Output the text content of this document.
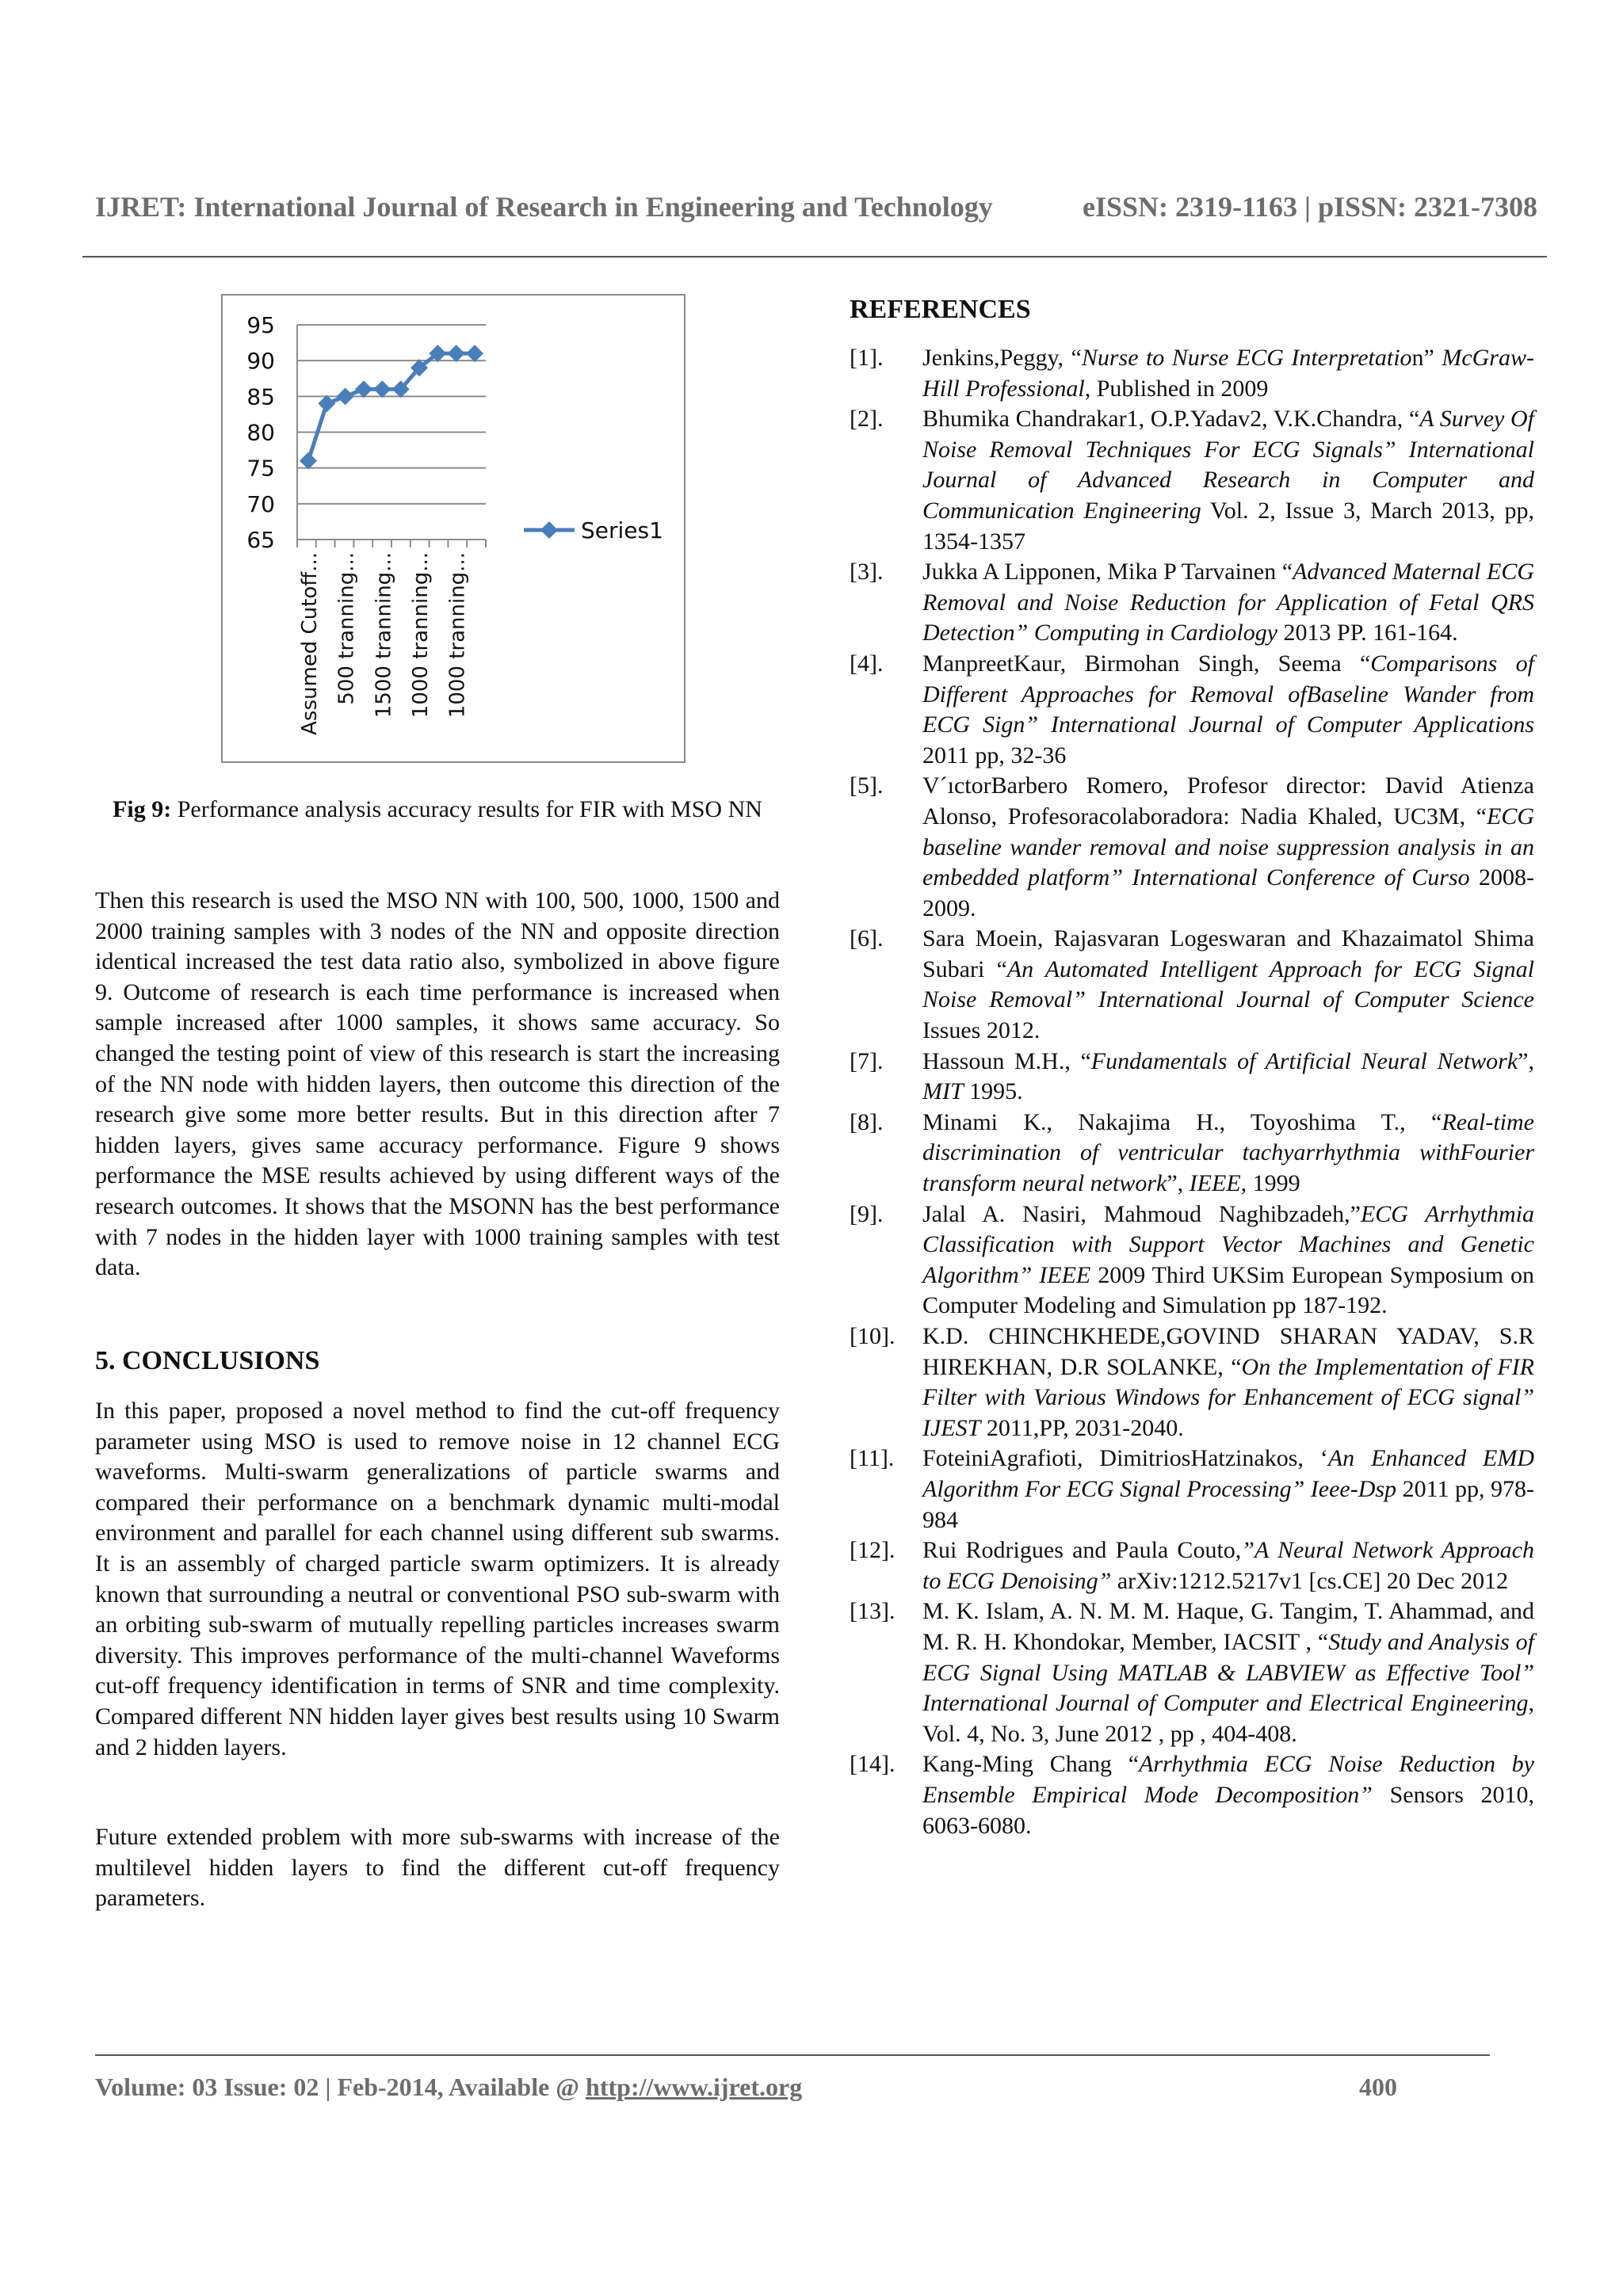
IJRET: International Journal of Research in Engineering and Technology	eISSN: 2319-1163 | pISSN: 2321-7308
65
70
75
80
85
90
95
Assumed Cutoff... 500 tranning... 1500 tranning... 1000 tranning... 1000 tranning...
Series1
Fig 9: Performance analysis accuracy results for FIR with MSO NN

Then this research is used the MSO NN with 100, 500, 1000, 1500 and 2000 training samples with 3 nodes of the NN and opposite direction identical increased the test data ratio also, symbolized in above figure 9. Outcome of research is each time performance is increased when sample increased after 1000 samples, it shows same accuracy. So changed the testing point of view of this research is start the increasing of the NN node with hidden layers, then outcome this direction of the research give some more better results. But in this direction after 7 hidden layers, gives same accuracy performance. Figure 9 shows performance the MSE results achieved by using different ways of the research outcomes. It shows that the MSONN has the best performance with 7 nodes in the hidden layer with 1000 training samples with test data.

5. CONCLUSIONS
In this paper, proposed a novel method to find the cut-off frequency parameter using MSO is used to remove noise in 12 channel ECG waveforms. Multi-swarm generalizations of particle swarms and compared their performance on a benchmark dynamic multi-modal environment and parallel for each channel using different sub swarms. It is an assembly of charged particle swarm optimizers. It is already known that surrounding a neutral or conventional PSO sub-swarm with an orbiting sub-swarm of mutually repelling particles increases swarm diversity. This improves performance of the multi-channel Waveforms cut-off frequency identification in terms of SNR and time complexity. Compared different NN hidden layer gives best results using 10 Swarm and 2 hidden layers.
Future extended problem with more sub-swarms with increase of the multilevel hidden layers to find the different cut-off frequency parameters.
REFERENCES
[1]. Jenkins,Peggy, “Nurse to Nurse ECG Interpretation” McGraw-Hill Professional, Published in 2009
[2]. Bhumika Chandrakar1, O.P.Yadav2, V.K.Chandra, “A Survey Of Noise Removal Techniques For ECG Signals” International Journal of Advanced Research in Computer and Communication Engineering Vol. 2, Issue 3, March 2013, pp, 1354-1357
[3]. Jukka A Lipponen, Mika P Tarvainen “Advanced Maternal ECG Removal and Noise Reduction for Application of Fetal QRS Detection” Computing in Cardiology 2013 PP. 161-164.
[4]. ManpreetKaur, Birmohan Singh, Seema “Comparisons of Different Approaches for Removal ofBaseline Wander from ECG Sign” International Journal of Computer Applications 2011 pp, 32-36
[5]. V´ıctorBarbero Romero, Profesor director: David Atienza Alonso, Profesoracolaboradora: Nadia Khaled, UC3M, “ECG baseline wander removal and noise suppression analysis in an embedded platform” International Conference of Curso 2008-2009.
[6]. Sara Moein, Rajasvaran Logeswaran and Khazaimatol Shima Subari “An Automated Intelligent Approach for ECG Signal Noise Removal” International Journal of Computer Science Issues 2012.
[7]. Hassoun M.H., “Fundamentals of Artificial Neural Network”, MIT 1995.
[8]. Minami K., Nakajima H., Toyoshima T., “Real-time discrimination of ventricular tachyarrhythmia withFourier transform neural network”, IEEE, 1999
[9]. Jalal A. Nasiri, Mahmoud Naghibzadeh,”ECG Arrhythmia Classification with Support Vector Machines and Genetic Algorithm” IEEE 2009 Third UKSim European Symposium on Computer Modeling and Simulation pp 187-192.
[10]. K.D. CHINCHKHEDE,GOVIND SHARAN YADAV, S.R HIREKHAN, D.R SOLANKE, “On the Implementation of FIR Filter with Various Windows for Enhancement of ECG signal” IJEST 2011,PP, 2031-2040.
[11]. FoteiniAgrafioti, DimitriosHatzinakos, ‘An Enhanced EMD Algorithm For ECG Signal Processing” Ieee-Dsp 2011 pp, 978-984
[12]. Rui Rodrigues and Paula Couto,”A Neural Network Approach to ECG Denoising” arXiv:1212.5217v1 [cs.CE] 20 Dec 2012
[13]. M. K. Islam, A. N. M. M. Haque, G. Tangim, T. Ahammad, and M. R. H. Khondokar, Member, IACSIT , “Study and Analysis of ECG Signal Using MATLAB & LABVIEW as Effective Tool” International Journal of Computer and Electrical Engineering, Vol. 4, No. 3, June 2012 , pp , 404-408.
[14]. Kang-Ming Chang “Arrhythmia ECG Noise Reduction by Ensemble Empirical Mode Decomposition” Sensors 2010, 6063-6080.
Volume: 03 Issue: 02 | Feb-2014, Available @ http://www.ijret.org	400
